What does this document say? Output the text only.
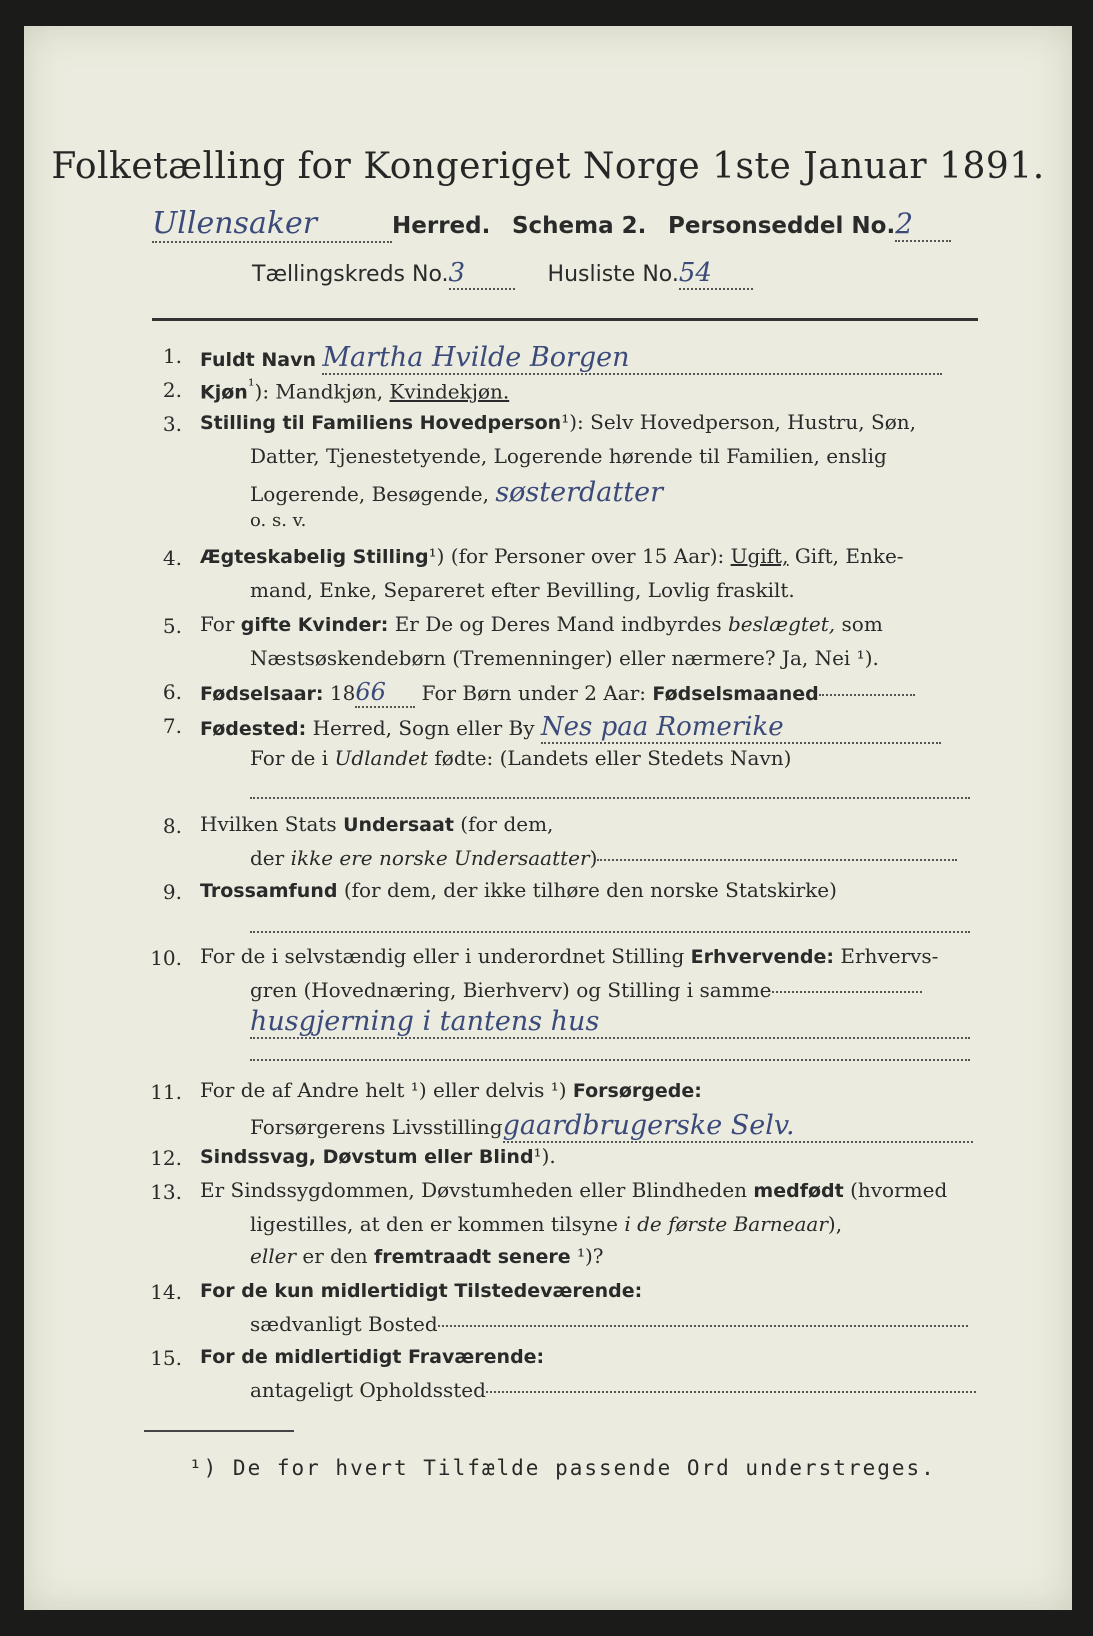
Folketælling for Kongeriget Norge 1ste Januar 1891.
Ullensaker	Herred. Schema 2. Personseddel No.2
Tællingskreds No.3	Husliste No.54
1. Fuldt Navn Martha Hvilde Borgen
2. Kjøn$^{^1}$): Mandkjøn, Kvindekjøn.
3. Stilling til Familiens Hovedperson¹): Selv Hovedperson, Hustru, Søn,
Datter, Tjenestetyende, Logerende hørende til Familien, enslig
Logerende, Besøgende, søsterdatter
o. s. v.
4. Ægteskabelig Stilling¹) (for Personer over 15 Aar): Ugift, Gift, Enke-
mand, Enke, Separeret efter Bevilling, Lovlig fraskilt.
5. For gifte Kvinder: Er De og Deres Mand indbyrdes beslægtet, som
Næstsøskendebørn (Tremenninger) eller nærmere? Ja, Nei ¹).
6. Fødselsaar: 1866 For Børn under 2 Aar: Fødselsmaaned
7. Fødested: Herred, Sogn eller By Nes paa Romerike
For de i Udlandet fødte: (Landets eller Stedets Navn)
8. Hvilken Stats Undersaat (for dem,
der ikke ere norske Undersaatter)
9. Trossamfund (for dem, der ikke tilhøre den norske Statskirke)
10. For de i selvstændig eller i underordnet Stilling Erhvervende: Erhvervs-
gren (Hovednæring, Bierhverv) og Stilling i samme
husgjerning i tantens hus
11. For de af Andre helt ¹) eller delvis ¹) Forsørgede:
Forsørgerens Livsstillinggaardbrugerske Selv.
12. Sindssvag, Døvstum eller Blind¹).
13. Er Sindssygdommen, Døvstumheden eller Blindheden medfødt (hvormed
ligestilles, at den er kommen tilsyne i de første Barneaar),
eller er den fremtraadt senere ¹)?
14. For de kun midlertidigt Tilstedeværende:
sædvanligt Bosted
15. For de midlertidigt Fraværende:
antageligt Opholdssted
¹) De for hvert Tilfælde passende Ord understreges.
